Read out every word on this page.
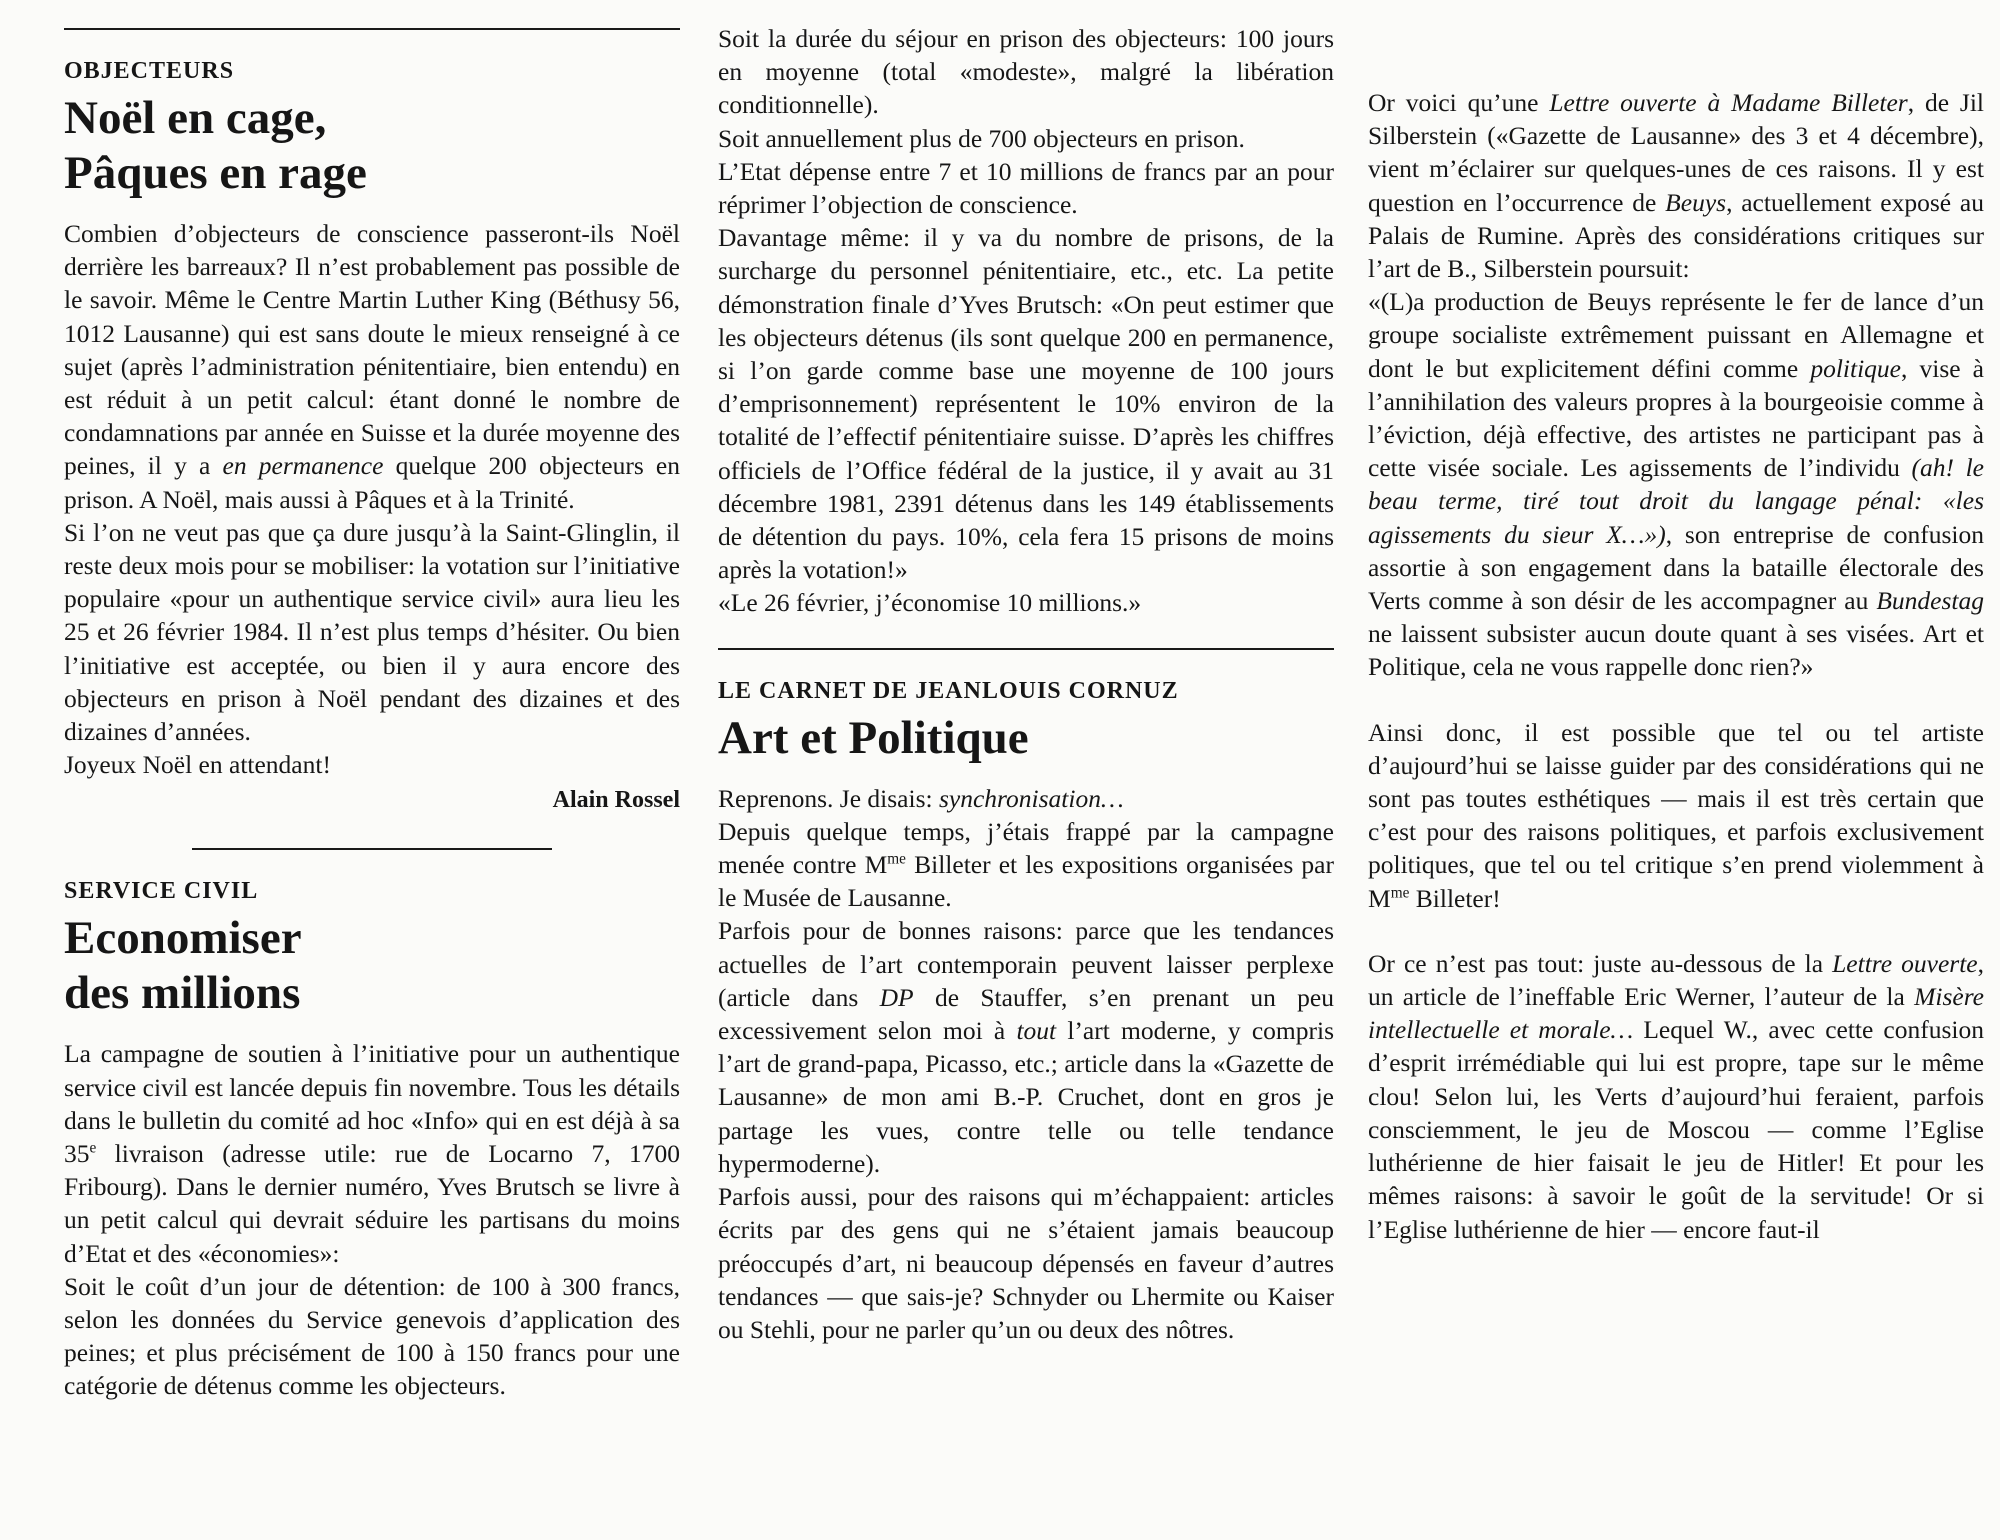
OBJECTEURS
Noël en cage,
Pâques en rage

Combien d’objecteurs de conscience passeront-ils Noël derrière les barreaux? Il n’est probablement pas possible de le savoir. Même le Centre Martin Luther King (Béthusy 56, 1012 Lausanne) qui est sans doute le mieux renseigné à ce sujet (après l’administration pénitentiaire, bien entendu) en est réduit à un petit calcul: étant donné le nombre de condamnations par année en Suisse et la durée moyenne des peines, il y a en permanence quelque 200 objecteurs en prison. A Noël, mais aussi à Pâques et à la Trinité.

Si l’on ne veut pas que ça dure jusqu’à la Saint-Glinglin, il reste deux mois pour se mobiliser: la votation sur l’initiative populaire «pour un authentique service civil» aura lieu les 25 et 26 février 1984. Il n’est plus temps d’hésiter. Ou bien l’initiative est acceptée, ou bien il y aura encore des objecteurs en prison à Noël pendant des dizaines et des dizaines d’années.

Joyeux Noël en attendant!

Alain Rossel
SERVICE CIVIL
Economiser
des millions

La campagne de soutien à l’initiative pour un authentique service civil est lancée depuis fin novembre. Tous les détails dans le bulletin du comité ad hoc «Info» qui en est déjà à sa 35e livraison (adresse utile: rue de Locarno 7, 1700 Fribourg). Dans le dernier numéro, Yves Brutsch se livre à un petit calcul qui devrait séduire les partisans du moins d’Etat et des «économies»:

Soit le coût d’un jour de détention: de 100 à 300 francs, selon les données du Service genevois d’application des peines; et plus précisément de 100 à 150 francs pour une catégorie de détenus comme les objecteurs.

Soit la durée du séjour en prison des objecteurs: 100 jours en moyenne (total «modeste», malgré la libération conditionnelle).

Soit annuellement plus de 700 objecteurs en prison.

L’Etat dépense entre 7 et 10 millions de francs par an pour réprimer l’objection de conscience.

Davantage même: il y va du nombre de prisons, de la surcharge du personnel pénitentiaire, etc., etc. La petite démonstration finale d’Yves Brutsch: «On peut estimer que les objecteurs détenus (ils sont quelque 200 en permanence, si l’on garde comme base une moyenne de 100 jours d’emprisonnement) représentent le 10% environ de la totalité de l’effectif pénitentiaire suisse. D’après les chiffres officiels de l’Office fédéral de la justice, il y avait au 31 décembre 1981, 2391 détenus dans les 149 établissements de détention du pays. 10%, cela fera 15 prisons de moins après la votation!»

«Le 26 février, j’économise 10 millions.»

LE CARNET DE JEANLOUIS CORNUZ
Art et Politique

Reprenons. Je disais: synchronisation…

Depuis quelque temps, j’étais frappé par la campagne menée contre $M^{me}$ Billeter et les expositions organisées par le Musée de Lausanne.

Parfois pour de bonnes raisons: parce que les tendances actuelles de l’art contemporain peuvent laisser perplexe (article dans DP de Stauffer, s’en prenant un peu excessivement selon moi à tout l’art moderne, y compris l’art de grand-papa, Picasso, etc.; article dans la «Gazette de Lausanne» de mon ami B.-P. Cruchet, dont en gros je partage les vues, contre telle ou telle tendance hypermoderne).

Parfois aussi, pour des raisons qui m’échappaient: articles écrits par des gens qui ne s’étaient jamais beaucoup préoccupés d’art, ni beaucoup dépensés en faveur d’autres tendances — que sais-je? Schnyder ou Lhermite ou Kaiser ou Stehli, pour ne parler qu’un ou deux des nôtres.

Or voici qu’une Lettre ouverte à Madame Billeter, de Jil Silberstein («Gazette de Lausanne» des 3 et 4 décembre), vient m’éclairer sur quelques-unes de ces raisons. Il y est question en l’occurrence de Beuys, actuellement exposé au Palais de Rumine. Après des considérations critiques sur l’art de B., Silberstein poursuit:

«(L)a production de Beuys représente le fer de lance d’un groupe socialiste extrêmement puissant en Allemagne et dont le but explicitement défini comme politique, vise à l’annihilation des valeurs propres à la bourgeoisie comme à l’éviction, déjà effective, des artistes ne participant pas à cette visée sociale. Les agissements de l’individu (ah! le beau terme, tiré tout droit du langage pénal: «les agissements du sieur X…»), son entreprise de confusion assortie à son engagement dans la bataille électorale des Verts comme à son désir de les accompagner au Bundestag ne laissent subsister aucun doute quant à ses visées. Art et Politique, cela ne vous rappelle donc rien?»

Ainsi donc, il est possible que tel ou tel artiste d’aujourd’hui se laisse guider par des considérations qui ne sont pas toutes esthétiques — mais il est très certain que c’est pour des raisons politiques, et parfois exclusivement politiques, que tel ou tel critique s’en prend violemment à $M^{me}$ Billeter!

Or ce n’est pas tout: juste au-dessous de la Lettre ouverte, un article de l’ineffable Eric Werner, l’auteur de la Misère intellectuelle et morale… Lequel W., avec cette confusion d’esprit irrémédiable qui lui est propre, tape sur le même clou! Selon lui, les Verts d’aujourd’hui feraient, parfois consciemment, le jeu de Moscou — comme l’Eglise luthérienne de hier faisait le jeu de Hitler! Et pour les mêmes raisons: à savoir le goût de la servitude! Or si l’Eglise luthérienne de hier — encore faut-il
